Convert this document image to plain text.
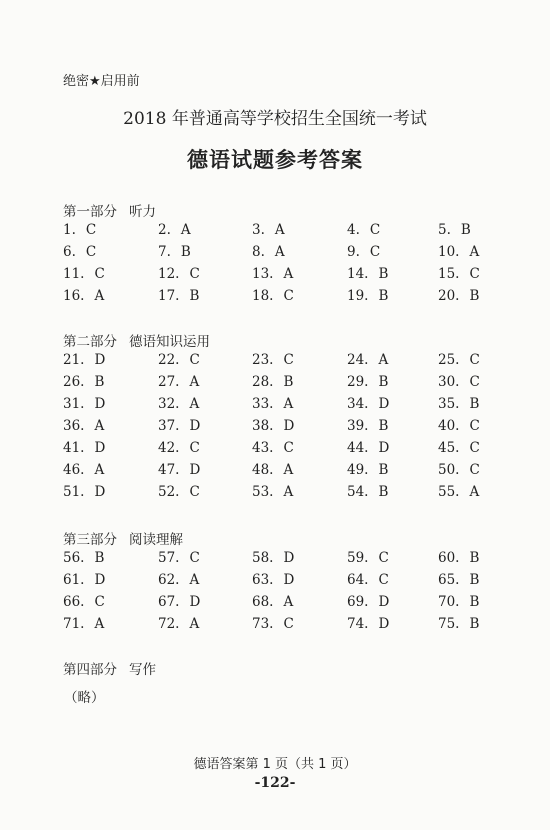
绝密★启用前
2018 年普通高等学校招生全国统一考试
德语试题参考答案
第一部分 听力
1. C	2. A	3. A	4. C	5. B
6. C	7. B	8. A	9. C	10. A
11. C	12. C	13. A	14. B	15. C
16. A	17. B	18. C	19. B	20. B
第二部分 德语知识运用
21. D	22. C	23. C	24. A	25. C
26. B	27. A	28. B	29. B	30. C
31. D	32. A	33. A	34. D	35. B
36. A	37. D	38. D	39. B	40. C
41. D	42. C	43. C	44. D	45. C
46. A	47. D	48. A	49. B	50. C
51. D	52. C	53. A	54. B	55. A
第三部分 阅读理解
56. B	57. C	58. D	59. C	60. B
61. D	62. A	63. D	64. C	65. B
66. C	67. D	68. A	69. D	70. B
71. A	72. A	73. C	74. D	75. B
第四部分 写作
（略）
德语答案第 1 页（共 1 页）
-122-
